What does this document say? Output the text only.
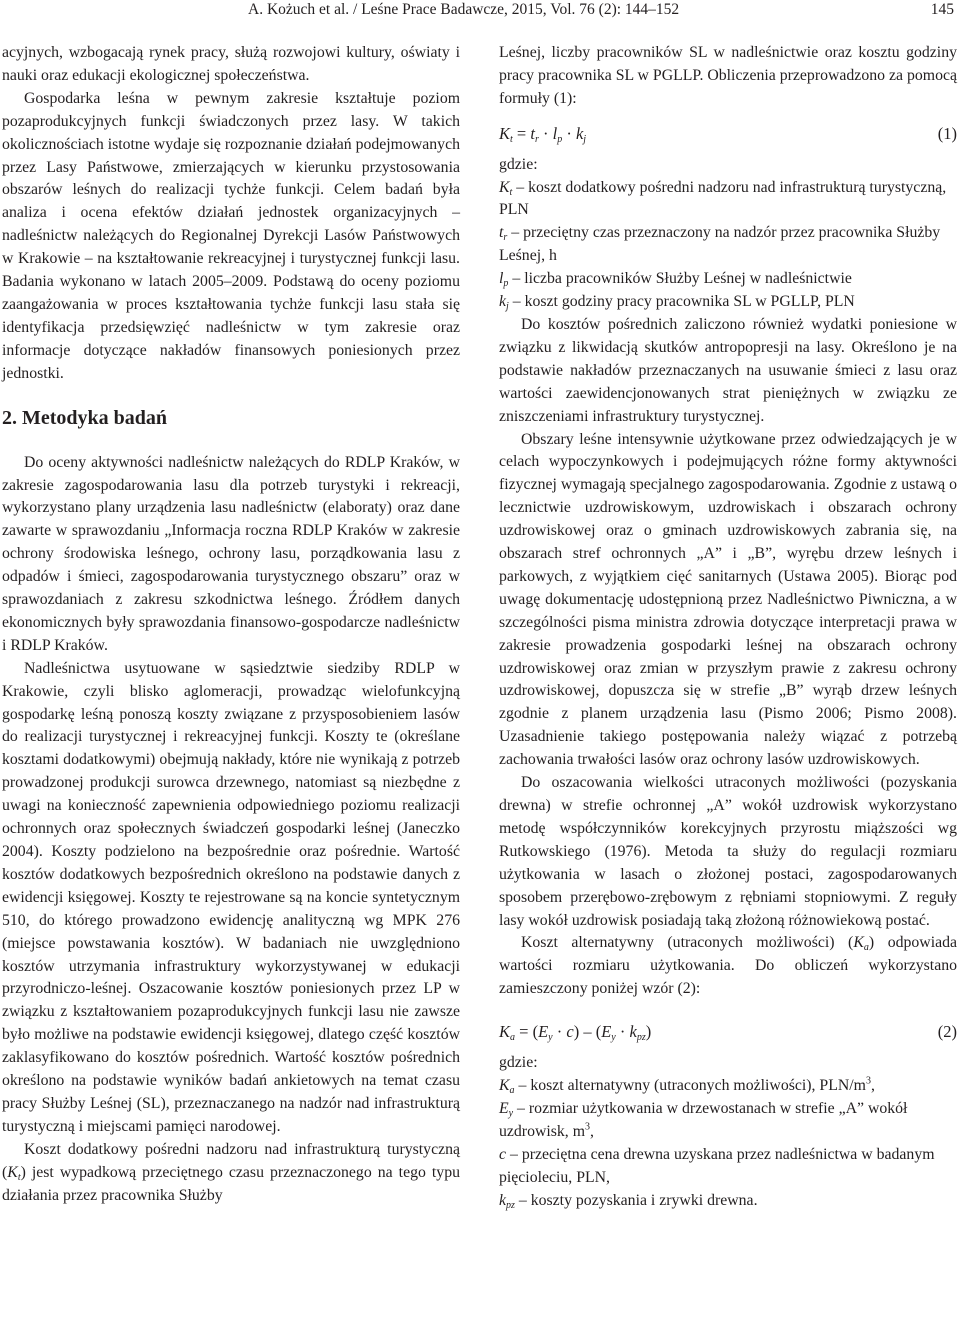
A. Kożuch et al. / Leśne Prace Badawcze, 2015, Vol. 76 (2): 144–152	145

acyjnych, wzbogacają rynek pracy, służą rozwojowi kultury, oświaty i nauki oraz edukacji ekologicznej społeczeństwa.

Gospodarka leśna w pewnym zakresie kształtuje poziom pozaprodukcyjnych funkcji świadczonych przez lasy. W takich okolicznościach istotne wydaje się rozpoznanie działań podejmowanych przez Lasy Państwowe, zmierzających w kierunku przystosowania obszarów leśnych do realizacji tychże funkcji. Celem badań była analiza i ocena efektów działań jednostek organizacyjnych – nadleśnictw należących do Regionalnej Dyrekcji Lasów Państwowych w Krakowie – na kształtowanie rekreacyjnej i turystycznej funkcji lasu. Badania wykonano w latach 2005–2009. Podstawą do oceny poziomu zaangażowania w proces kształtowania tychże funkcji lasu stała się identyfikacja przedsięwzięć nadleśnictw w tym zakresie oraz informacje dotyczące nakładów finansowych poniesionych przez jednostki.

2. Metodyka badań

Do oceny aktywności nadleśnictw należących do RDLP Kraków, w zakresie zagospodarowania lasu dla potrzeb turystyki i rekreacji, wykorzystano plany urządzenia lasu nadleśnictw (elaboraty) oraz dane zawarte w sprawozdaniu „Informacja roczna RDLP Kraków w zakresie ochrony środowiska leśnego, ochrony lasu, porządkowania lasu z odpadów i śmieci, zagospodarowania turystycznego obszaru” oraz w sprawozdaniach z zakresu szkodnictwa leśnego. Źródłem danych ekonomicznych były sprawozdania finansowo-gospodarcze nadleśnictw i RDLP Kraków.

Nadleśnictwa usytuowane w sąsiedztwie siedziby RDLP w Krakowie, czyli blisko aglomeracji, prowadząc wielofunkcyjną gospodarkę leśną ponoszą koszty związane z przysposobieniem lasów do realizacji turystycznej i rekreacyjnej funkcji. Koszty te (określane kosztami dodatkowymi) obejmują nakłady, które nie wynikają z potrzeb prowadzonej produkcji surowca drzewnego, natomiast są niezbędne z uwagi na konieczność zapewnienia odpowiedniego poziomu realizacji ochronnych oraz społecznych świadczeń gospodarki leśnej (Janeczko 2004). Koszty podzielono na bezpośrednie oraz pośrednie. Wartość kosztów dodatkowych bezpośrednich określono na podstawie danych z ewidencji księgowej. Koszty te rejestrowane są na koncie syntetycznym 510, do którego prowadzono ewidencję analityczną wg MPK 276 (miejsce powstawania kosztów). W badaniach nie uwzględniono kosztów utrzymania infrastruktury wykorzystywanej w edukacji przyrodniczo-leśnej. Oszacowanie kosztów poniesionych przez LP w związku z kształtowaniem pozaprodukcyjnych funkcji lasu nie zawsze było możliwe na podstawie ewidencji księgowej, dlatego część kosztów zaklasyfikowano do kosztów pośrednich. Wartość kosztów pośrednich określono na podstawie wyników badań ankietowych na temat czasu pracy Służby Leśnej (SL), przeznaczanego na nadzór nad infrastrukturą turystyczną i miejscami pamięci narodowej.

Koszt dodatkowy pośredni nadzoru nad infrastrukturą turystyczną $(K_t)$ jest wypadkową przeciętnego czasu przeznaczonego na tego typu działania przez pracownika Służby

Leśnej, liczby pracowników SL w nadleśnictwie oraz kosztu godziny pracy pracownika SL w PGLLP. Obliczenia przeprowadzono za pomocą formuły (1):

$K_t = t_r \cdot l_p \cdot k_j$	(1)

gdzie:

$K_t$ – koszt dodatkowy pośredni nadzoru nad infrastrukturą turystyczną, PLN

$t_r$ – przeciętny czas przeznaczony na nadzór przez pracownika Służby Leśnej, h

$l_p$ – liczba pracowników Służby Leśnej w nadleśnictwie

$k_j$ – koszt godziny pracy pracownika SL w PGLLP, PLN

Do kosztów pośrednich zaliczono również wydatki poniesione w związku z likwidacją skutków antropopresji na lasy. Określono je na podstawie nakładów przeznaczanych na usuwanie śmieci z lasu oraz wartości zaewidencjonowanych strat pieniężnych w związku ze zniszczeniami infrastruktury turystycznej.

Obszary leśne intensywnie użytkowane przez odwiedzających je w celach wypoczynkowych i podejmujących różne formy aktywności fizycznej wymagają specjalnego zagospodarowania. Zgodnie z ustawą o lecznictwie uzdrowiskowym, uzdrowiskach i obszarach ochrony uzdrowiskowej oraz o gminach uzdrowiskowych zabrania się, na obszarach stref ochronnych „A” i „B”, wyrębu drzew leśnych i parkowych, z wyjątkiem cięć sanitarnych (Ustawa 2005). Biorąc pod uwagę dokumentację udostępnioną przez Nadleśnictwo Piwniczna, a w szczególności pisma ministra zdrowia dotyczące interpretacji prawa w zakresie prowadzenia gospodarki leśnej na obszarach ochrony uzdrowiskowej oraz zmian w przyszłym prawie z zakresu ochrony uzdrowiskowej, dopuszcza się w strefie „B” wyrąb drzew leśnych zgodnie z planem urządzenia lasu (Pismo 2006; Pismo 2008). Uzasadnienie takiego postępowania należy wiązać z potrzebą zachowania trwałości lasów oraz ochrony lasów uzdrowiskowych.

Do oszacowania wielkości utraconych możliwości (pozyskania drewna) w strefie ochronnej „A” wokół uzdrowisk wykorzystano metodę współczynników korekcyjnych przyrostu miąższości wg Rutkowskiego (1976). Metoda ta służy do regulacji rozmiaru użytkowania w lasach o złożonej postaci, zagospodarowanych sposobem przerębowo-zrębowym z rębniami stopniowymi. Z reguły lasy wokół uzdrowisk posiadają taką złożoną różnowiekową postać.

Koszt alternatywny (utraconych możliwości) $(K_a)$ odpowiada wartości rozmiaru użytkowania. Do obliczeń wykorzystano zamieszczony poniżej wzór (2):

$K_a = (E_y \cdot c) - (E_y \cdot k_{pz})$	(2)

gdzie:

$K_a$ – koszt alternatywny (utraconych możliwości), PLN/$m^3$,

$E_y$ – rozmiar użytkowania w drzewostanach w strefie „A” wokół uzdrowisk, $m^3$,

c – przeciętna cena drewna uzyskana przez nadleśnictwa w badanym pięcioleciu, PLN,

$k_{pz}$ – koszty pozyskania i zrywki drewna.
